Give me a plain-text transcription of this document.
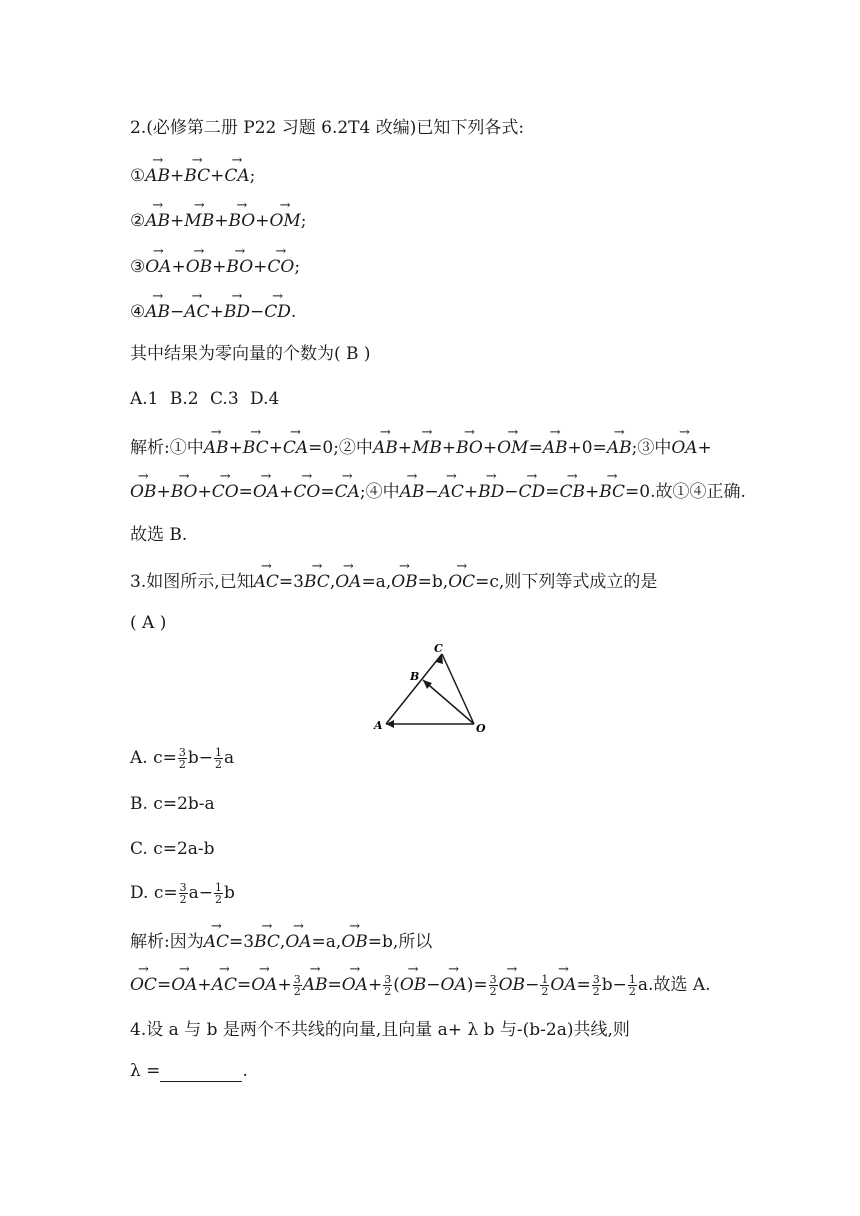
2.(必修第二册 P22 习题 6.2T4 改编)已知下列各式:
①→ AB+→ BC+→ CA;
②→ AB+→ MB+→ BO+→ OM;
③→ OA+→ OB+→ BO+→ CO;
④→ AB−→ AC+→ BD−→ CD.
其中结果为零向量的个数为( B )
A.1 B.2 C.3 D.4
解析:①中→ AB+→ BC+→ CA=0;②中→ AB+→ MB+→ BO+→ OM=→ AB+0=→ AB;③中→ OA+
→ OB+→ BO+→ CO=→ OA+→ CO=→ CA;④中→ AB−→ AC+→ BD−→ CD=→ CB+→ BC=0.故①④正确.
故选 B.
3.如图所示,已知→ AC=3→ BC,→ OA=a,→ OB=b,→ OC=c,则下列等式成立的是
( A )
A
B
C
O
A. $c= \frac{3}{2} b- \frac{1}{2}$ a
B. c=2b-a
C. c=2a-b
D. $c= \frac{3}{2} a- \frac{1}{2}$ b
解析:因为→ AC=3→ BC,→ OA=a,→ OB=b,所以
→ $OC=\to OA+\to AC=\to OA+ \frac{3}{2}$
→ $AB=\to OA+ \frac{3}{2}$ (→ $OB-\to OA)= \frac{3}{2}$
→ $OB- \frac{1}{2}$
→ $OA= \frac{3}{2} b- \frac{1}{2} a$.故选 A.
4.设 a 与 b 是两个不共线的向量,且向量 a+ λ b 与-(b-2a)共线,则
λ =	.
